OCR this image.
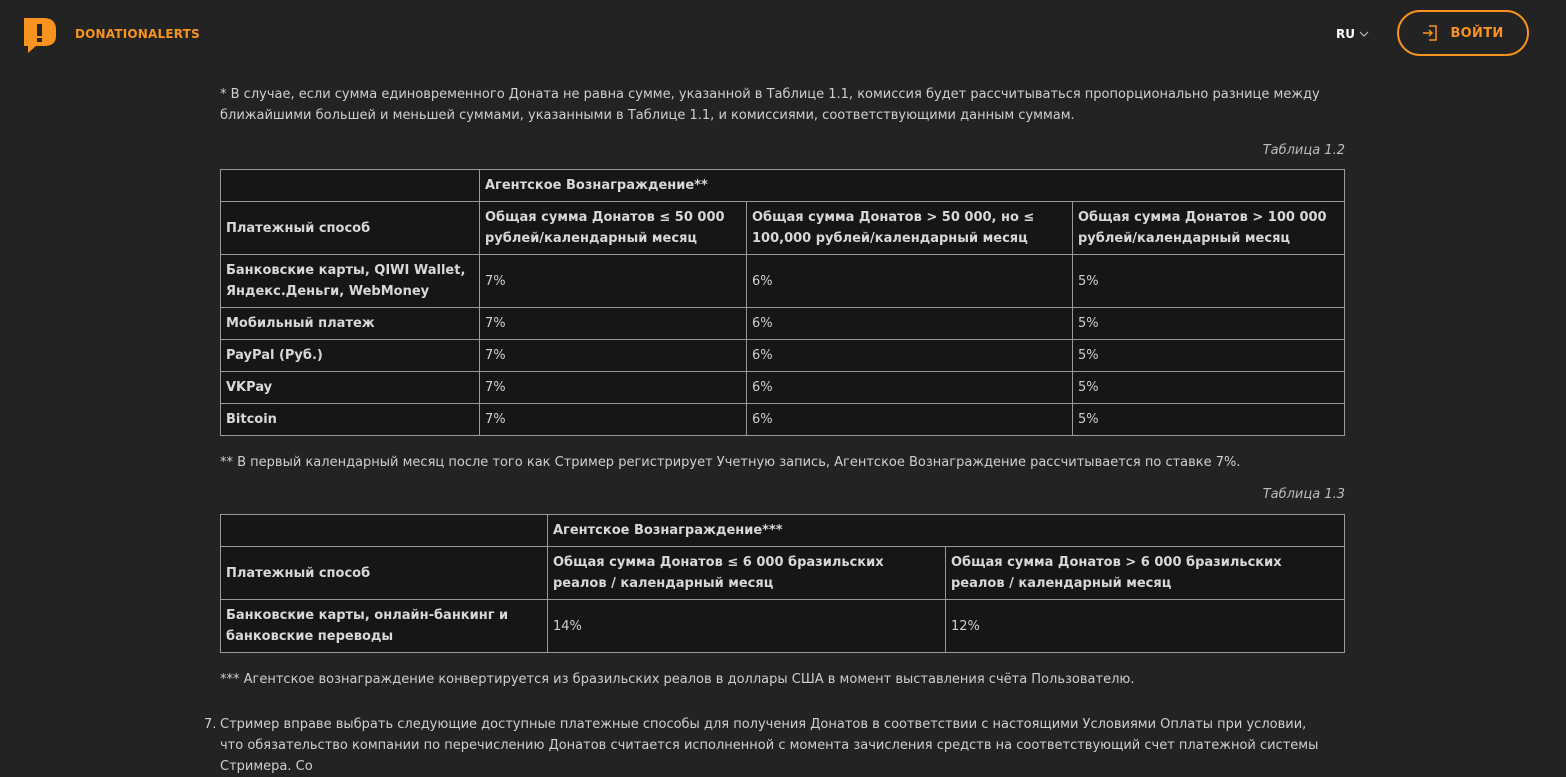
DONATIONALERTS	RU	ВОЙТИ

* В случае, если сумма единовременного Доната не равна сумме, указанной в Таблице 1.1, комиссия будет рассчитываться пропорционально разнице между ближайшими большей и меньшей суммами, указанными в Таблице 1.1, и комиссиями, соответствующими данным суммам.

Таблица 1.2
	Агентское Вознаграждение**		
Платежный способ	Общая сумма Донатов ≤ 50 000 рублей/календарный месяц	Общая сумма Донатов > 50 000, но ≤ 100,000 рублей/календарный месяц	Общая сумма Донатов > 100 000 рублей/календарный месяц
Банковские карты, QIWI Wallet, Яндекс.Деньги, WebMoney	7%	6%	5%
Мобильный платеж	7%	6%	5%
PayPal (Руб.)	7%	6%	5%
VKPay	7%	6%	5%
Bitcoin	7%	6%	5%

** В первый календарный месяц после того как Стример регистрирует Учетную запись, Агентское Вознаграждение рассчитывается по ставке 7%.

Таблица 1.3
	Агентское Вознаграждение***	
Платежный способ	Общая сумма Донатов ≤ 6 000 бразильских реалов / календарный месяц	Общая сумма Донатов > 6 000 бразильских реалов / календарный месяц
Банковские карты, онлайн-банкинг и банковские переводы	14%	12%

*** Агентское вознаграждение конвертируется из бразильских реалов в доллары США в момент выставления счёта Пользователю.

7. Стример вправе выбрать следующие доступные платежные способы для получения Донатов в соответствии с настоящими Условиями Оплаты при условии, что обязательство компании по перечислению Донатов считается исполненной с момента зачисления средств на соответствующий счет платежной системы Стримера. Со
